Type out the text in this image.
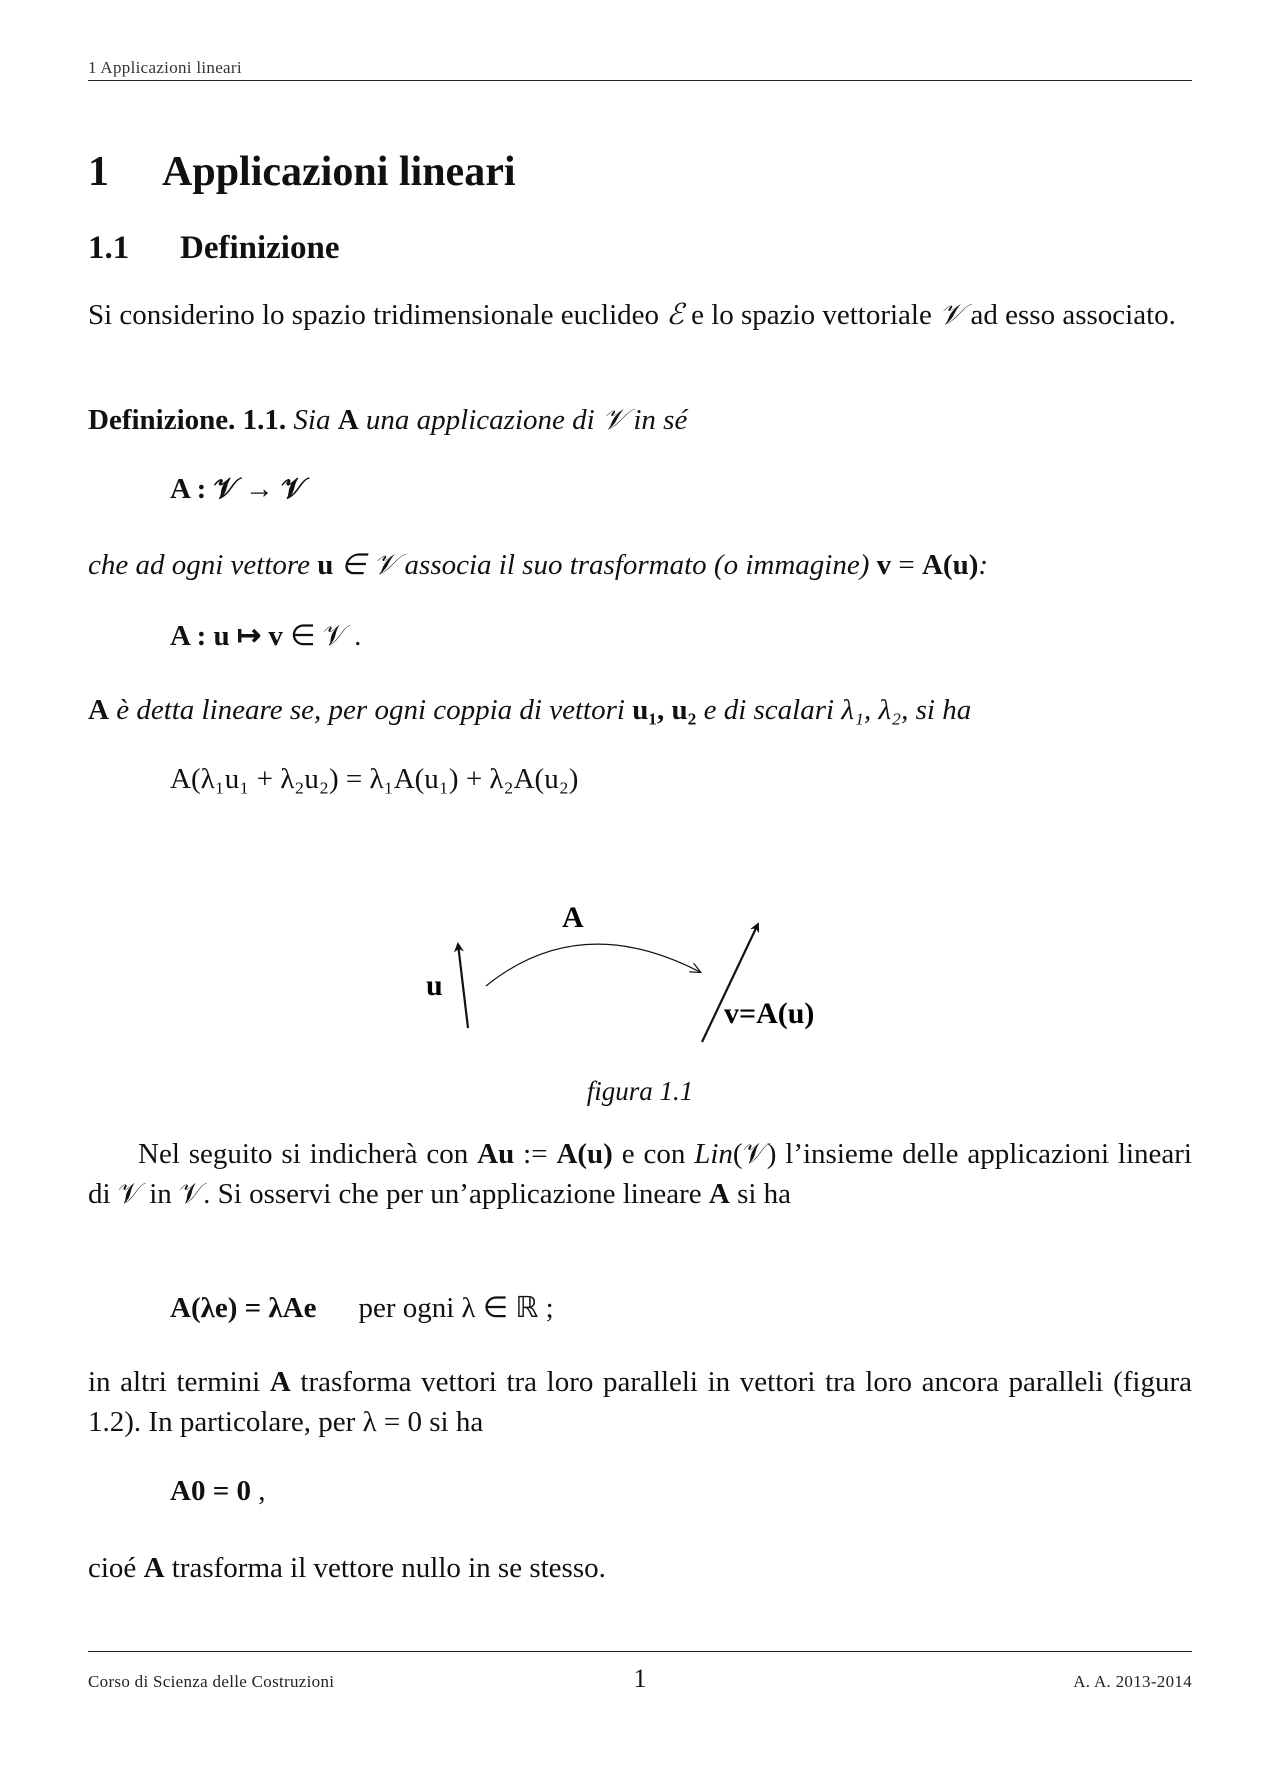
1 Applicazioni lineari
1 Applicazioni lineari
1.1 Definizione
Si considerino lo spazio tridimensionale euclideo ℰ e lo spazio vettoriale 𝒱 ad esso associato.
Definizione. 1.1. Sia A una applicazione di 𝒱 in sé
A : 𝒱 → 𝒱
che ad ogni vettore u ∈ 𝒱 associa il suo trasformato (o immagine) v = A(u):
A : u ↦ v ∈ 𝒱 .
A è detta lineare se, per ogni coppia di vettori u₁, u₂ e di scalari λ₁, λ₂, si ha
A(λ₁u₁ + λ₂u₂) = λ₁A(u₁) + λ₂A(u₂)
u
A
v=A(u)
figura 1.1
Nel seguito si indicherà con Au := A(u) e con Lin(𝒱) l’insieme delle applicazioni lineari di 𝒱 in 𝒱. Si osservi che per un’applicazione lineare A si ha
A(λe) = λAe per ogni λ ∈ ℝ ;
in altri termini A trasforma vettori tra loro paralleli in vettori tra loro ancora paralleli (figura 1.2). In particolare, per λ = 0 si ha
A0 = 0 ,
cioé A trasforma il vettore nullo in se stesso.
Corso di Scienza delle Costruzioni	1	A. A. 2013-2014
